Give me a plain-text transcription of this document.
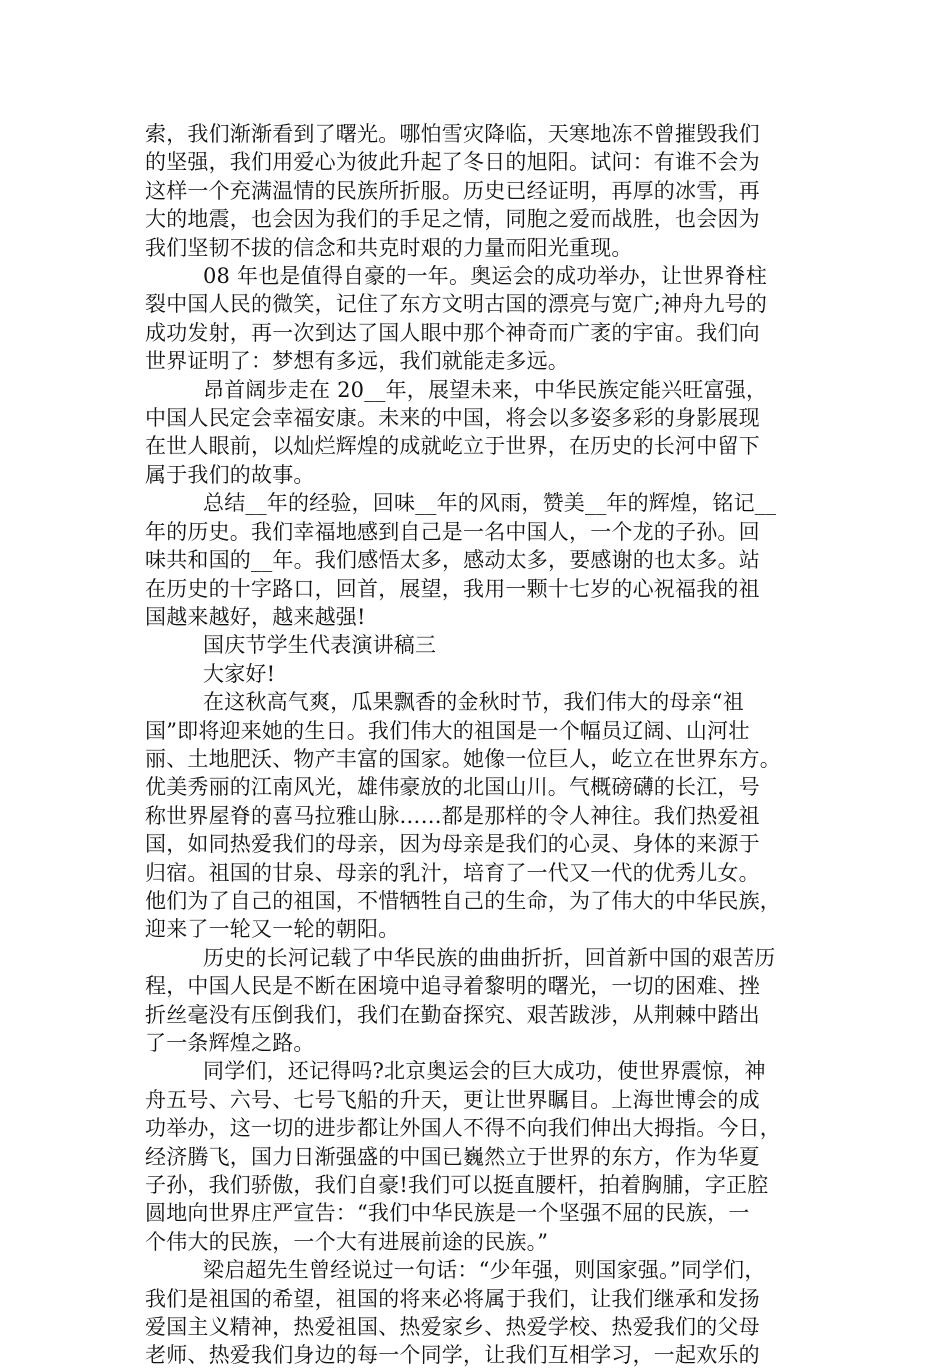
索，我们渐渐看到了曙光。哪怕雪灾降临，天寒地冻不曾摧毁我们
的坚强，我们用爱心为彼此升起了冬日的旭阳。试问：有谁不会为
这样一个充满温情的民族所折服。历史已经证明，再厚的冰雪，再
大的地震，也会因为我们的手足之情，同胞之爱而战胜，也会因为
我们坚韧不拔的信念和共克时艰的力量而阳光重现。

08 年也是值得自豪的一年。奥运会的成功举办，让世界脊柱
裂中国人民的微笑，记住了东方文明古国的漂亮与宽广;神舟九号的
成功发射，再一次到达了国人眼中那个神奇而广袤的宇宙。我们向
世界证明了：梦想有多远，我们就能走多远。

昂首阔步走在 20__年，展望未来，中华民族定能兴旺富强，
中国人民定会幸福安康。未来的中国，将会以多姿多彩的身影展现
在世人眼前，以灿烂辉煌的成就屹立于世界，在历史的长河中留下
属于我们的故事。

总结__年的经验，回味__年的风雨，赞美__年的辉煌，铭记__
年的历史。我们幸福地感到自己是一名中国人，一个龙的子孙。回
味共和国的__年。我们感悟太多，感动太多，要感谢的也太多。站
在历史的十字路口，回首，展望，我用一颗十七岁的心祝福我的祖
国越来越好，越来越强!

国庆节学生代表演讲稿三

大家好!

在这秋高气爽，瓜果飘香的金秋时节，我们伟大的母亲“祖
国”即将迎来她的生日。我们伟大的祖国是一个幅员辽阔、山河壮
丽、土地肥沃、物产丰富的国家。她像一位巨人，屹立在世界东方。
优美秀丽的江南风光，雄伟豪放的北国山川。气概磅礴的长江，号
称世界屋脊的喜马拉雅山脉……都是那样的令人神往。我们热爱祖
国，如同热爱我们的母亲，因为母亲是我们的心灵、身体的来源于
归宿。祖国的甘泉、母亲的乳汁，培育了一代又一代的优秀儿女。
他们为了自己的祖国，不惜牺牲自己的生命，为了伟大的中华民族，
迎来了一轮又一轮的朝阳。

历史的长河记载了中华民族的曲曲折折，回首新中国的艰苦历
程，中国人民是不断在困境中追寻着黎明的曙光，一切的困难、挫
折丝毫没有压倒我们，我们在勤奋探究、艰苦跋涉，从荆棘中踏出
了一条辉煌之路。

同学们，还记得吗?北京奥运会的巨大成功，使世界震惊，神
舟五号、六号、七号飞船的升天，更让世界瞩目。上海世博会的成
功举办，这一切的进步都让外国人不得不向我们伸出大拇指。今日，
经济腾飞，国力日渐强盛的中国已巍然立于世界的东方，作为华夏
子孙，我们骄傲，我们自豪!我们可以挺直腰杆，拍着胸脯，字正腔
圆地向世界庄严宣告：“我们中华民族是一个坚强不屈的民族，一
个伟大的民族，一个大有进展前途的民族。”

梁启超先生曾经说过一句话：“少年强，则国家强。”同学们，
我们是祖国的希望，祖国的将来必将属于我们，让我们继承和发扬
爱国主义精神，热爱祖国、热爱家乡、热爱学校、热爱我们的父母
老师、热爱我们身边的每一个同学，让我们互相学习，一起欢乐的
